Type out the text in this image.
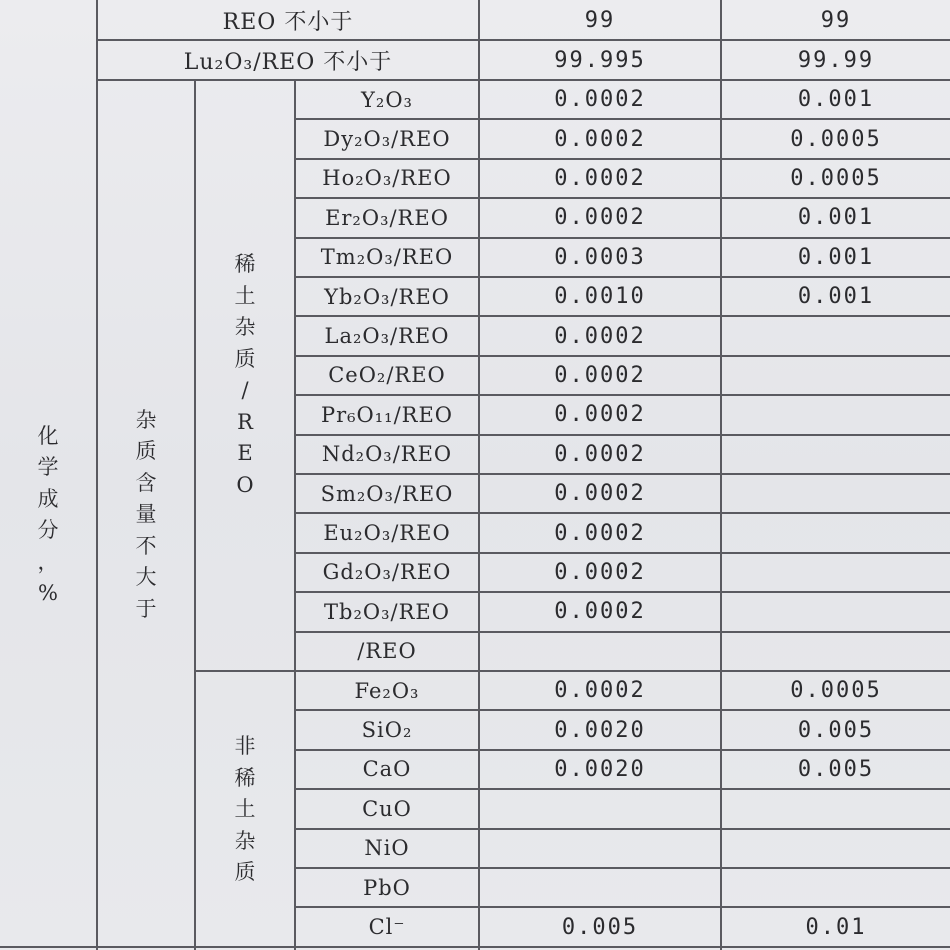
REO 不小于	99	99
Lu₂O₃/REO 不小于	99.995	99.99
化
学
成
分
，
%
杂
质
含
量
不
大
于
稀
土
杂
质
/
R
E
O
非
稀
土
杂
质
Y₂O₃	0.0002	0.001
Dy₂O₃/REO	0.0002	0.0005
Ho₂O₃/REO	0.0002	0.0005
Er₂O₃/REO	0.0002	0.001
Tm₂O₃/REO	0.0003	0.001
Yb₂O₃/REO	0.0010	0.001
La₂O₃/REO	0.0002
CeO₂/REO	0.0002
Pr₆O₁₁/REO	0.0002
Nd₂O₃/REO	0.0002
Sm₂O₃/REO	0.0002
Eu₂O₃/REO	0.0002
Gd₂O₃/REO	0.0002
Tb₂O₃/REO	0.0002
/REO
Fe₂O₃	0.0002	0.0005
SiO₂	0.0020	0.005
CaO	0.0020	0.005
CuO
NiO
PbO
Cl⁻	0.005	0.01
